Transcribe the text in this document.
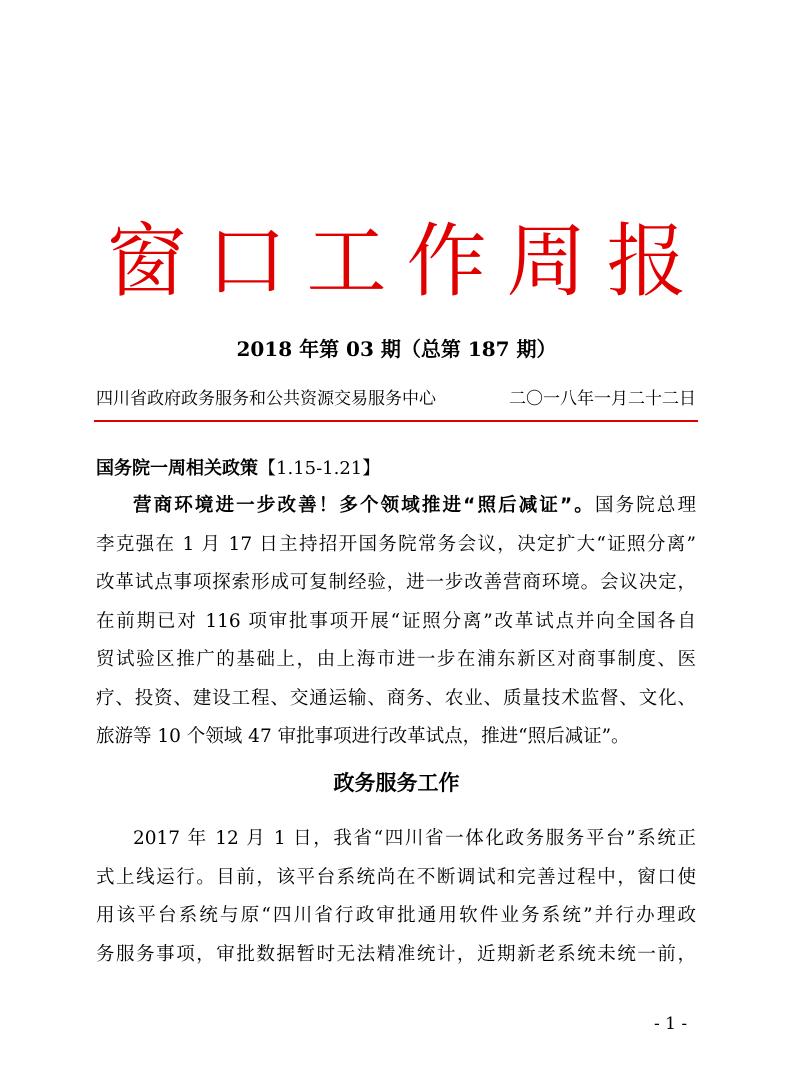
窗口工作周报
2018 年第 03 期（总第 187 期）
四川省政府政务服务和公共资源交易服务中心	二〇一八年一月二十二日
国务院一周相关政策【1.15-1.21】
营商环境进一步改善！多个领域推进“照后减证”。国务院总理
李克强在 1 月 17 日主持招开国务院常务会议，决定扩大“证照分离”
改革试点事项探索形成可复制经验，进一步改善营商环境。会议决定，
在前期已对 116 项审批事项开展“证照分离”改革试点并向全国各自
贸试验区推广的基础上，由上海市进一步在浦东新区对商事制度、医
疗、投资、建设工程、交通运输、商务、农业、质量技术监督、文化、
旅游等 10 个领域 47 审批事项进行改革试点，推进“照后减证”。
政务服务工作
2017 年 12 月 1 日，我省“四川省一体化政务服务平台”系统正
式上线运行。目前，该平台系统尚在不断调试和完善过程中，窗口使
用该平台系统与原“四川省行政审批通用软件业务系统”并行办理政
务服务事项，审批数据暂时无法精准统计，近期新老系统未统一前，
- 1 -
